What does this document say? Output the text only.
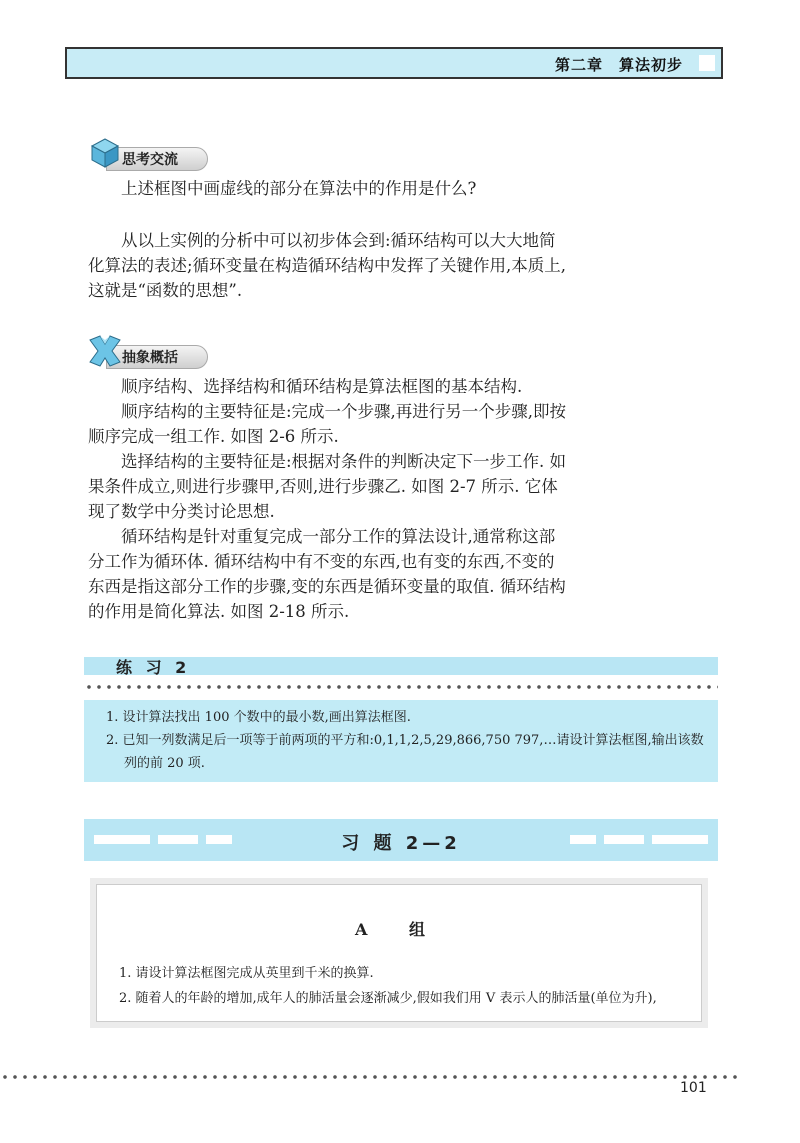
第二章　算法初步
思考交流

上述框图中画虚线的部分在算法中的作用是什么?

从以上实例的分析中可以初步体会到:循环结构可以大大地简化算法的表述;循环变量在构造循环结构中发挥了关键作用,本质上,这就是“函数的思想”.

抽象概括

顺序结构、选择结构和循环结构是算法框图的基本结构.

顺序结构的主要特征是:完成一个步骤,再进行另一个步骤,即按顺序完成一组工作. 如图 2-6 所示.

选择结构的主要特征是:根据对条件的判断决定下一步工作. 如果条件成立,则进行步骤甲,否则,进行步骤乙. 如图 2-7 所示. 它体现了数学中分类讨论思想.

循环结构是针对重复完成一部分工作的算法设计,通常称这部分工作为循环体. 循环结构中有不变的东西,也有变的东西,不变的东西是指这部分工作的步骤,变的东西是循环变量的取值. 循环结构的作用是简化算法. 如图 2-18 所示.

练 习 2
1. 设计算法找出 100 个数中的最小数,画出算法框图.
2. 已知一列数满足后一项等于前两项的平方和:0,1,1,2,5,29,866,750 797,…请设计算法框图,输出该数列的前 20 项.
习 题 2—2
A 组
1. 请设计算法框图完成从英里到千米的换算.
2. 随着人的年龄的增加,成年人的肺活量会逐渐减少,假如我们用 V 表示人的肺活量(单位为升),
101
